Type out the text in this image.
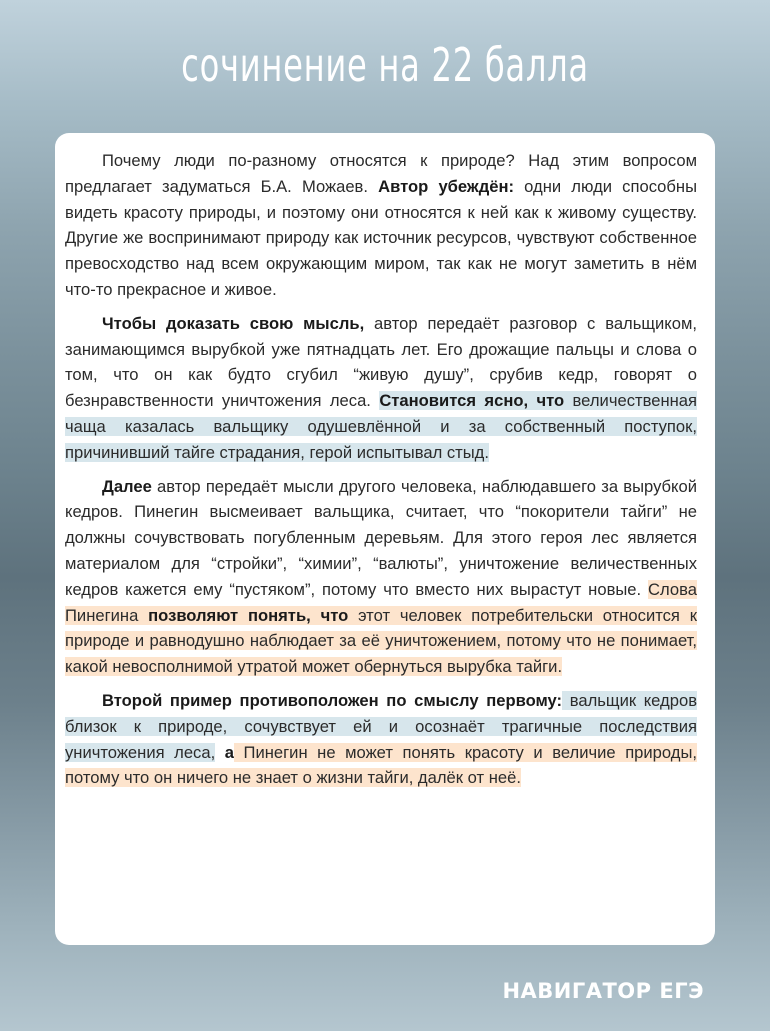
сочинение на 22 балла

Почему люди по-разному относятся к природе? Над этим вопросом предлагает задуматься Б.А. Можаев. Автор убеждён: одни люди способны видеть красоту природы, и поэтому они относятся к ней как к живому существу. Другие же воспринимают природу как источник ресурсов, чувствуют собственное превосходство над всем окружающим миром, так как не могут заметить в нём что-то прекрасное и живое.

Чтобы доказать свою мысль, автор передаёт разговор с вальщиком, занимающимся вырубкой уже пятнадцать лет. Его дрожащие пальцы и слова о том, что он как будто сгубил “живую душу”, срубив кедр, говорят о безнравственности уничтожения леса. Становится ясно, что величественная чаща казалась вальщику одушевлённой и за собственный поступок, причинивший тайге страдания, герой испытывал стыд.

Далее автор передаёт мысли другого человека, наблюдавшего за вырубкой кедров. Пинегин высмеивает вальщика, считает, что “покорители тайги” не должны сочувствовать погубленным деревьям. Для этого героя лес является материалом для “стройки”, “химии”, “валюты”, уничтожение величественных кедров кажется ему “пустяком”, потому что вместо них вырастут новые. Слова Пинегина позволяют понять, что этот человек потребительски относится к природе и равнодушно наблюдает за её уничтожением, потому что не понимает, какой невосполнимой утратой может обернуться вырубка тайги.

Второй пример противоположен по смыслу первому: вальщик кедров близок к природе, сочувствует ей и осознаёт трагичные последствия уничтожения леса, а Пинегин не может понять красоту и величие природы, потому что он ничего не знает о жизни тайги, далёк от неё.

НАВИГАТОР ЕГЭ
